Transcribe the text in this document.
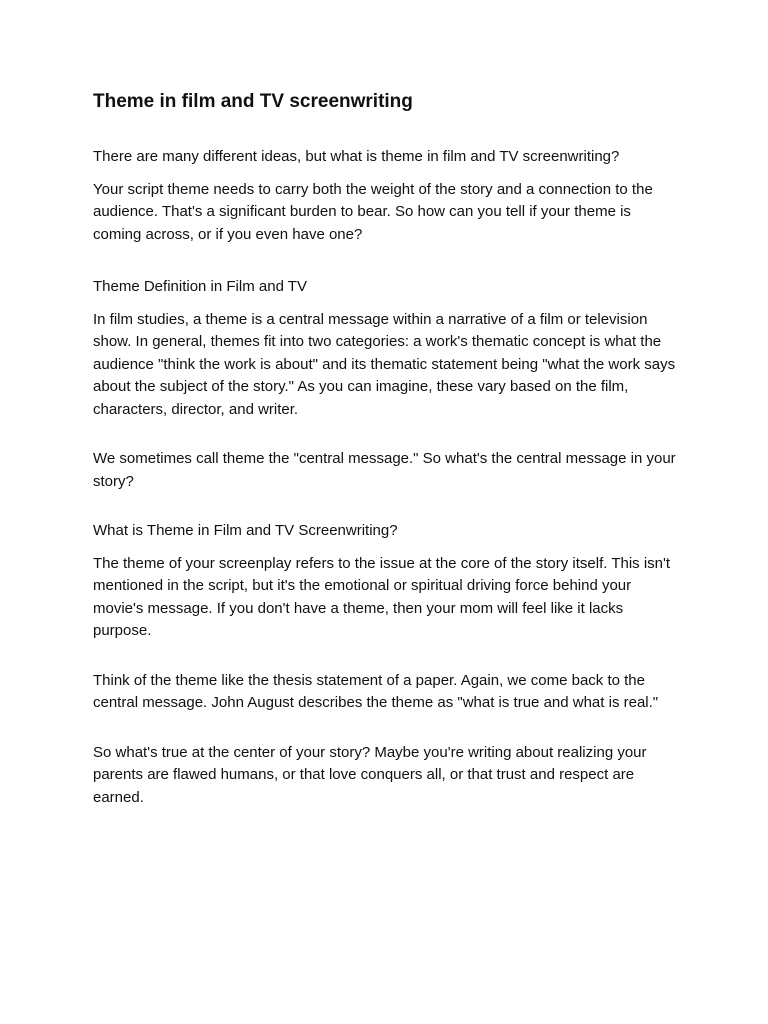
Theme in film and TV screenwriting

There are many different ideas, but what is theme in film and TV screenwriting?

Your script theme needs to carry both the weight of the story and a connection to the audience. That's a significant burden to bear. So how can you tell if your theme is coming across, or if you even have one?

Theme Definition in Film and TV

In film studies, a theme is a central message within a narrative of a film or television show. In general, themes fit into two categories: a work's thematic concept is what the audience "think the work is about" and its thematic statement being "what the work says about the subject of the story." As you can imagine, these vary based on the film, characters, director, and writer.

We sometimes call theme the "central message." So what's the central message in your story?

What is Theme in Film and TV Screenwriting?

The theme of your screenplay refers to the issue at the core of the story itself. This isn't mentioned in the script, but it's the emotional or spiritual driving force behind your movie's message. If you don't have a theme, then your mom will feel like it lacks purpose.

Think of the theme like the thesis statement of a paper. Again, we come back to the central message. John August describes the theme as "what is true and what is real."

So what's true at the center of your story? Maybe you're writing about realizing your parents are flawed humans, or that love conquers all, or that trust and respect are earned.
